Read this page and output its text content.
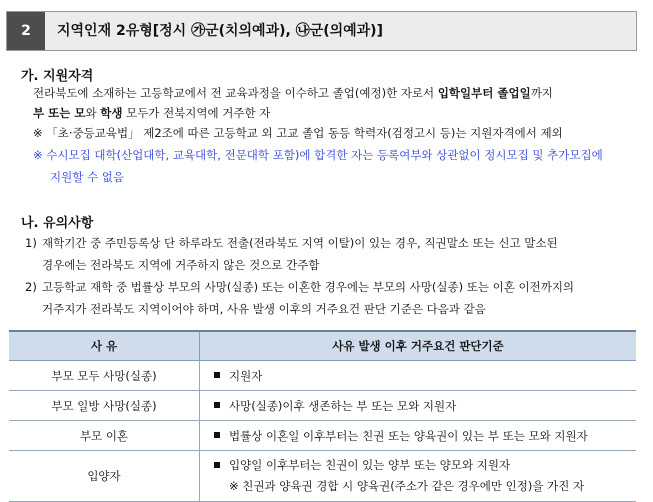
2	지역인재 2유형[정시 ㉮군(치의예과), ㉯군(의예과)]
가. 지원자격
전라북도에 소재하는 고등학교에서 전 교육과정을 이수하고 졸업(예정)한 자로서 입학일부터 졸업일까지
부 또는 모와 학생 모두가 전북지역에 거주한 자
※ 「초·중등교육법」 제2조에 따른 고등학교 외 고교 졸업 동등 학력자(검정고시 등)는 지원자격에서 제외
※ 수시모집 대학(산업대학, 교육대학, 전문대학 포함)에 합격한 자는 등록여부와 상관없이 정시모집 및 추가모집에
지원할 수 없음
나. 유의사항
1) 재학기간 중 주민등록상 단 하루라도 전출(전라북도 지역 이탈)이 있는 경우, 직권말소 또는 신고 말소된
경우에는 전라북도 지역에 거주하지 않은 것으로 간주함
2) 고등학교 재학 중 법률상 부모의 사망(실종) 또는 이혼한 경우에는 부모의 사망(실종) 또는 이혼 이전까지의
거주지가 전라북도 지역이어야 하며, 사유 발생 이후의 거주요건 판단 기준은 다음과 같음
사 유	사유 발생 이후 거주요건 판단기준
부모 모두 사망(실종)	지원자
부모 일방 사망(실종)	사망(실종)이후 생존하는 부 또는 모와 지원자
부모 이혼	법률상 이혼일 이후부터는 친권 또는 양육권이 있는 부 또는 모와 지원자
입양자	입양일 이후부터는 친권이 있는 양부 또는 양모와 지원자
※ 친권과 양육권 경합 시 양육권(주소가 같은 경우에만 인정)을 가진 자
